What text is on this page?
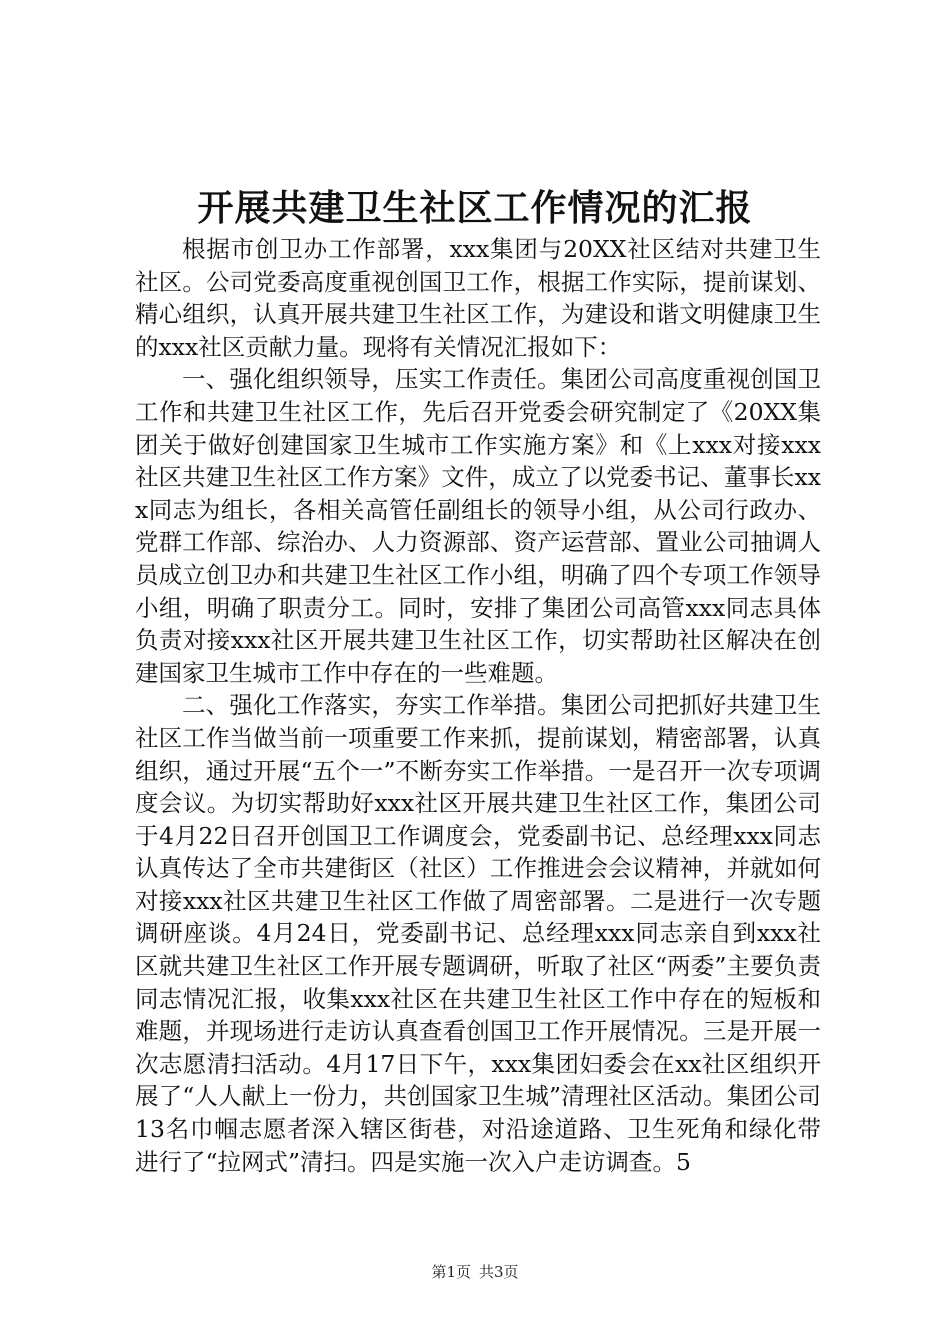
开展共建卫生社区工作情况的汇报

根据市创卫办工作部署，xxx集团与20XX社区结对共建卫生社区。公司党委高度重视创国卫工作，根据工作实际，提前谋划、精心组织，认真开展共建卫生社区工作，为建设和谐文明健康卫生的xxx社区贡献力量。现将有关情况汇报如下：

一、强化组织领导，压实工作责任。集团公司高度重视创国卫工作和共建卫生社区工作，先后召开党委会研究制定了《20XX集团关于做好创建国家卫生城市工作实施方案》和《上xxx对接xxx社区共建卫生社区工作方案》文件，成立了以党委书记、董事长xxx同志为组长，各相关高管任副组长的领导小组，从公司行政办、党群工作部、综治办、人力资源部、资产运营部、置业公司抽调人员成立创卫办和共建卫生社区工作小组，明确了四个专项工作领导小组，明确了职责分工。同时，安排了集团公司高管xxx同志具体负责对接xxx社区开展共建卫生社区工作，切实帮助社区解决在创建国家卫生城市工作中存在的一些难题。

二、强化工作落实，夯实工作举措。集团公司把抓好共建卫生社区工作当做当前一项重要工作来抓，提前谋划，精密部署，认真组织，通过开展“五个一”不断夯实工作举措。一是召开一次专项调度会议。为切实帮助好xxx社区开展共建卫生社区工作，集团公司于4月22日召开创国卫工作调度会，党委副书记、总经理xxx同志认真传达了全市共建街区（社区）工作推进会会议精神，并就如何对接xxx社区共建卫生社区工作做了周密部署。二是进行一次专题调研座谈。4月24日，党委副书记、总经理xxx同志亲自到xxx社区就共建卫生社区工作开展专题调研，听取了社区“两委”主要负责同志情况汇报，收集xxx社区在共建卫生社区工作中存在的短板和难题，并现场进行走访认真查看创国卫工作开展情况。三是开展一次志愿清扫活动。4月17日下午，xxx集团妇委会在xx社区组织开展了“人人献上一份力，共创国家卫生城”清理社区活动。集团公司13名巾帼志愿者深入辖区街巷，对沿途道路、卫生死角和绿化带进行了“拉网式”清扫。四是实施一次入户走访调查。5

第1页 共3页
